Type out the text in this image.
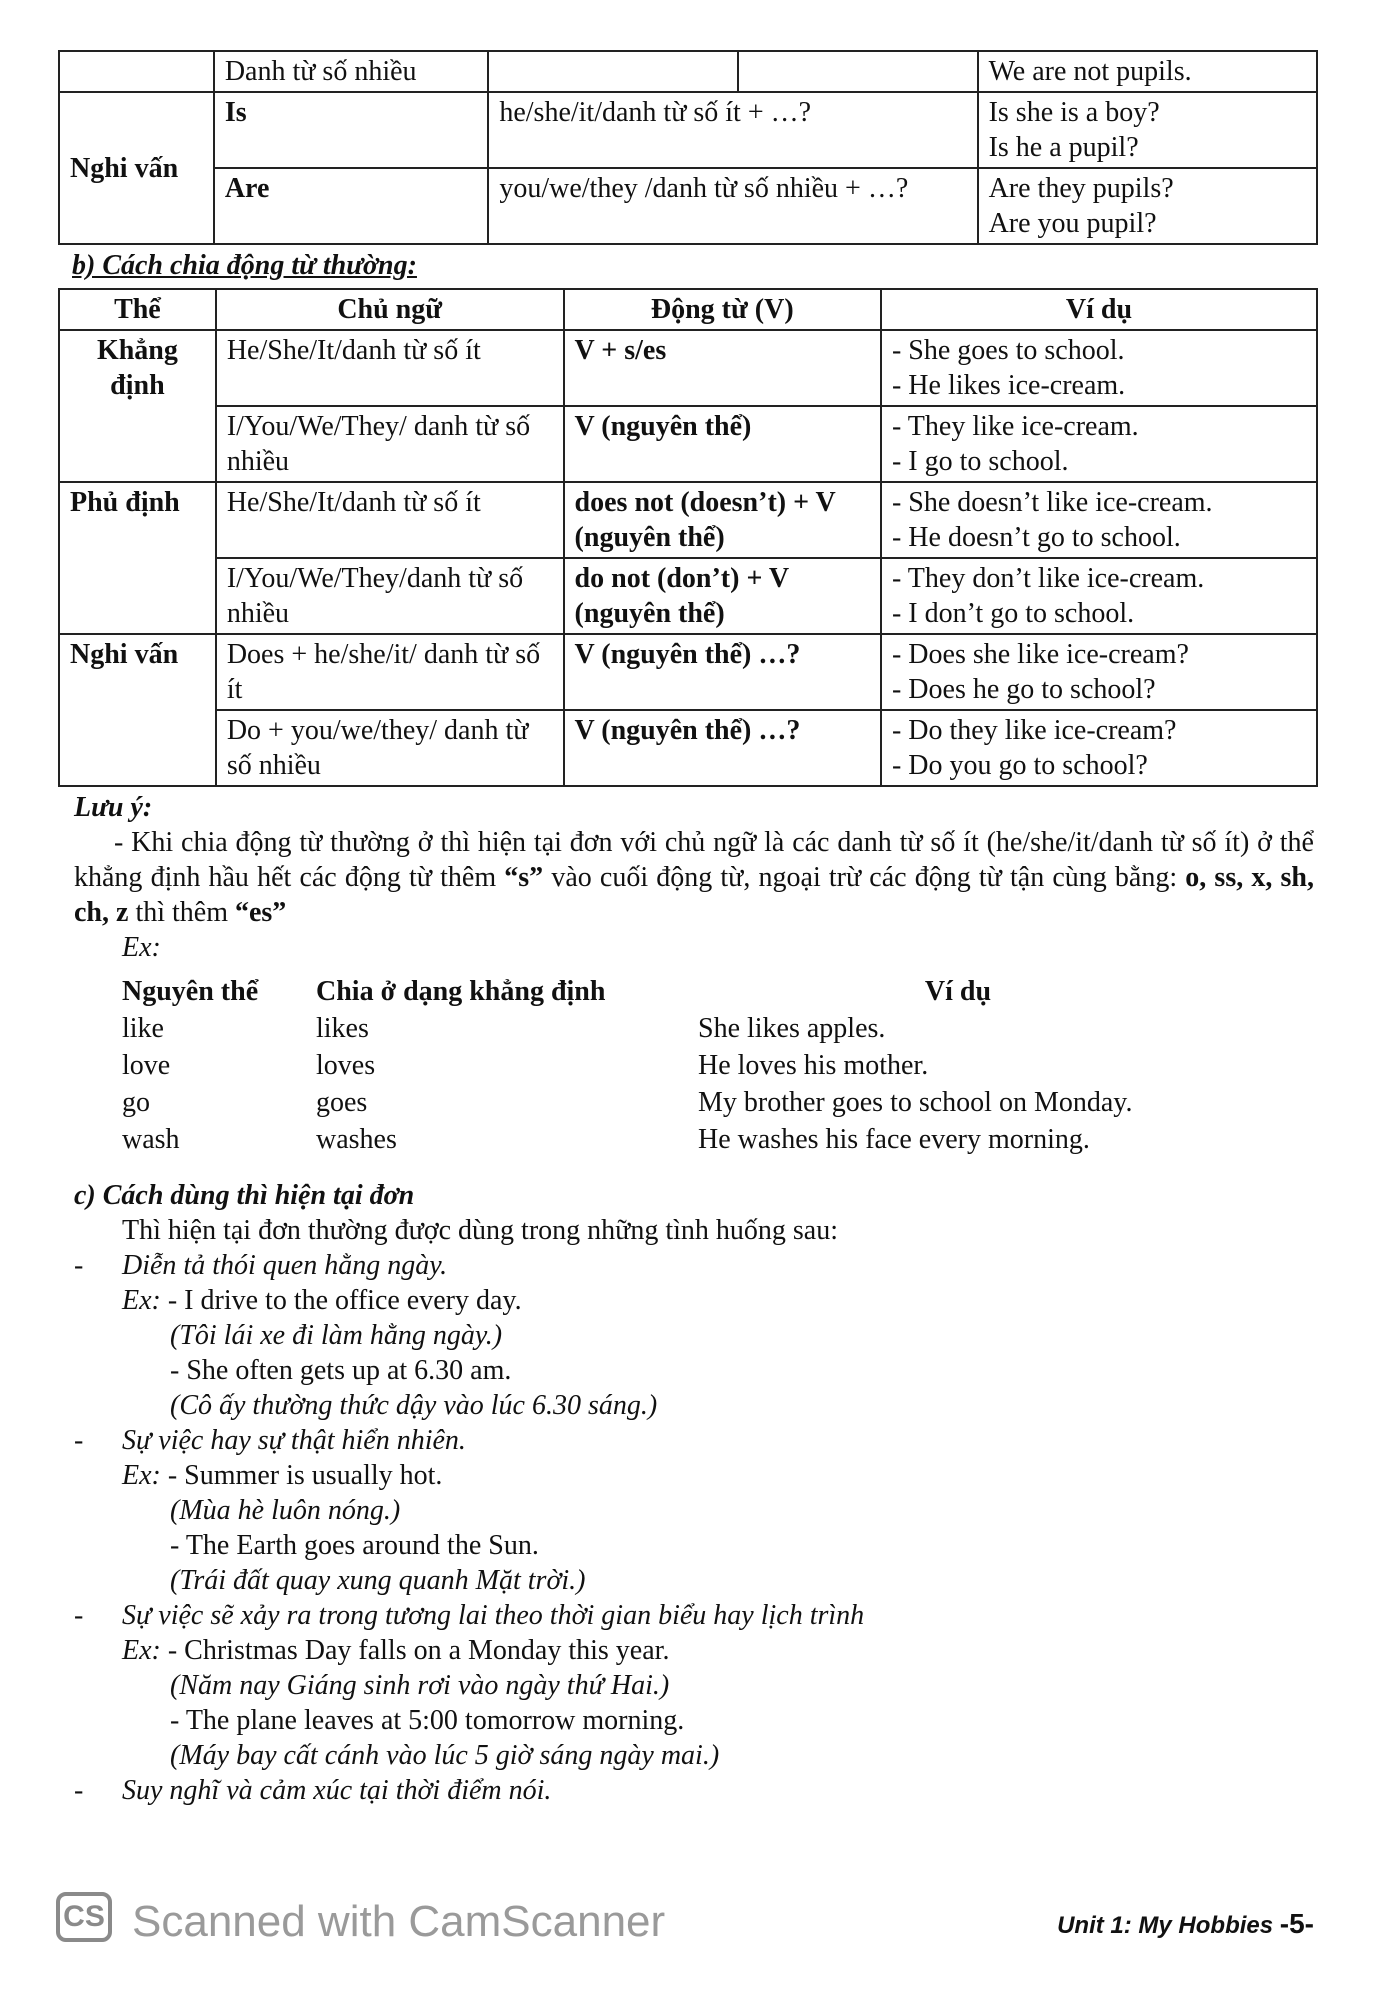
	Danh từ số nhiều			We are not pupils.
Nghi vấn	Is	he/she/it/danh từ số ít + …?		Is she is a boy?
Is he a pupil?

	Are	you/we/they /danh từ số nhiều + …?		Are they pupils?
Are you pupil?
b) Cách chia động từ thường:
Thể	Chủ ngữ	Động từ (V)	Ví dụ
Khẳng định	He/She/It/danh từ số ít	V + s/es	- She goes to school.
- He likes ice-cream.

	I/You/We/They/ danh từ số nhiều	V (nguyên thể)	- They like ice-cream.
- I go to school.

Phủ định	He/She/It/danh từ số ít	does not (doesn’t) + V (nguyên thể)	- She doesn’t like ice-cream.
- He doesn’t go to school.

	I/You/We/They/danh từ số nhiều	do not (don’t) + V (nguyên thể)	- They don’t like ice-cream.
- I don’t go to school.

Nghi vấn	Does + he/she/it/ danh từ số ít	V (nguyên thể) …?	- Does she like ice-cream?
- Does he go to school?

	Do + you/we/they/ danh từ số nhiều	V (nguyên thể) …?	- Do they like ice-cream?
- Do you go to school?
Lưu ý:
- Khi chia động từ thường ở thì hiện tại đơn với chủ ngữ là các danh từ số ít (he/she/it/danh từ số ít) ở thể khẳng định hầu hết các động từ thêm “s” vào cuối động từ, ngoại trừ các động từ tận cùng bằng: o, ss, x, sh, ch, z thì thêm “es”
Ex:
Nguyên thể	Chia ở dạng khẳng định	Ví dụ
like	likes	She likes apples.
love	loves	He loves his mother.
go	goes	My brother goes to school on Monday.
wash	washes	He washes his face every morning.
c) Cách dùng thì hiện tại đơn
Thì hiện tại đơn thường được dùng trong những tình huống sau:
- Diễn tả thói quen hằng ngày.
Ex: - I drive to the office every day.
(Tôi lái xe đi làm hằng ngày.)
- She often gets up at 6.30 am.
(Cô ấy thường thức dậy vào lúc 6.30 sáng.)
- Sự việc hay sự thật hiển nhiên.
Ex: - Summer is usually hot.
(Mùa hè luôn nóng.)
- The Earth goes around the Sun.
(Trái đất quay xung quanh Mặt trời.)
- Sự việc sẽ xảy ra trong tương lai theo thời gian biểu hay lịch trình
Ex: - Christmas Day falls on a Monday this year.
(Năm nay Giáng sinh rơi vào ngày thứ Hai.)
- The plane leaves at 5:00 tomorrow morning.
(Máy bay cất cánh vào lúc 5 giờ sáng ngày mai.)
- Suy nghĩ và cảm xúc tại thời điểm nói.
CS Scanned with CamScanner	Unit 1: My Hobbies -5-
